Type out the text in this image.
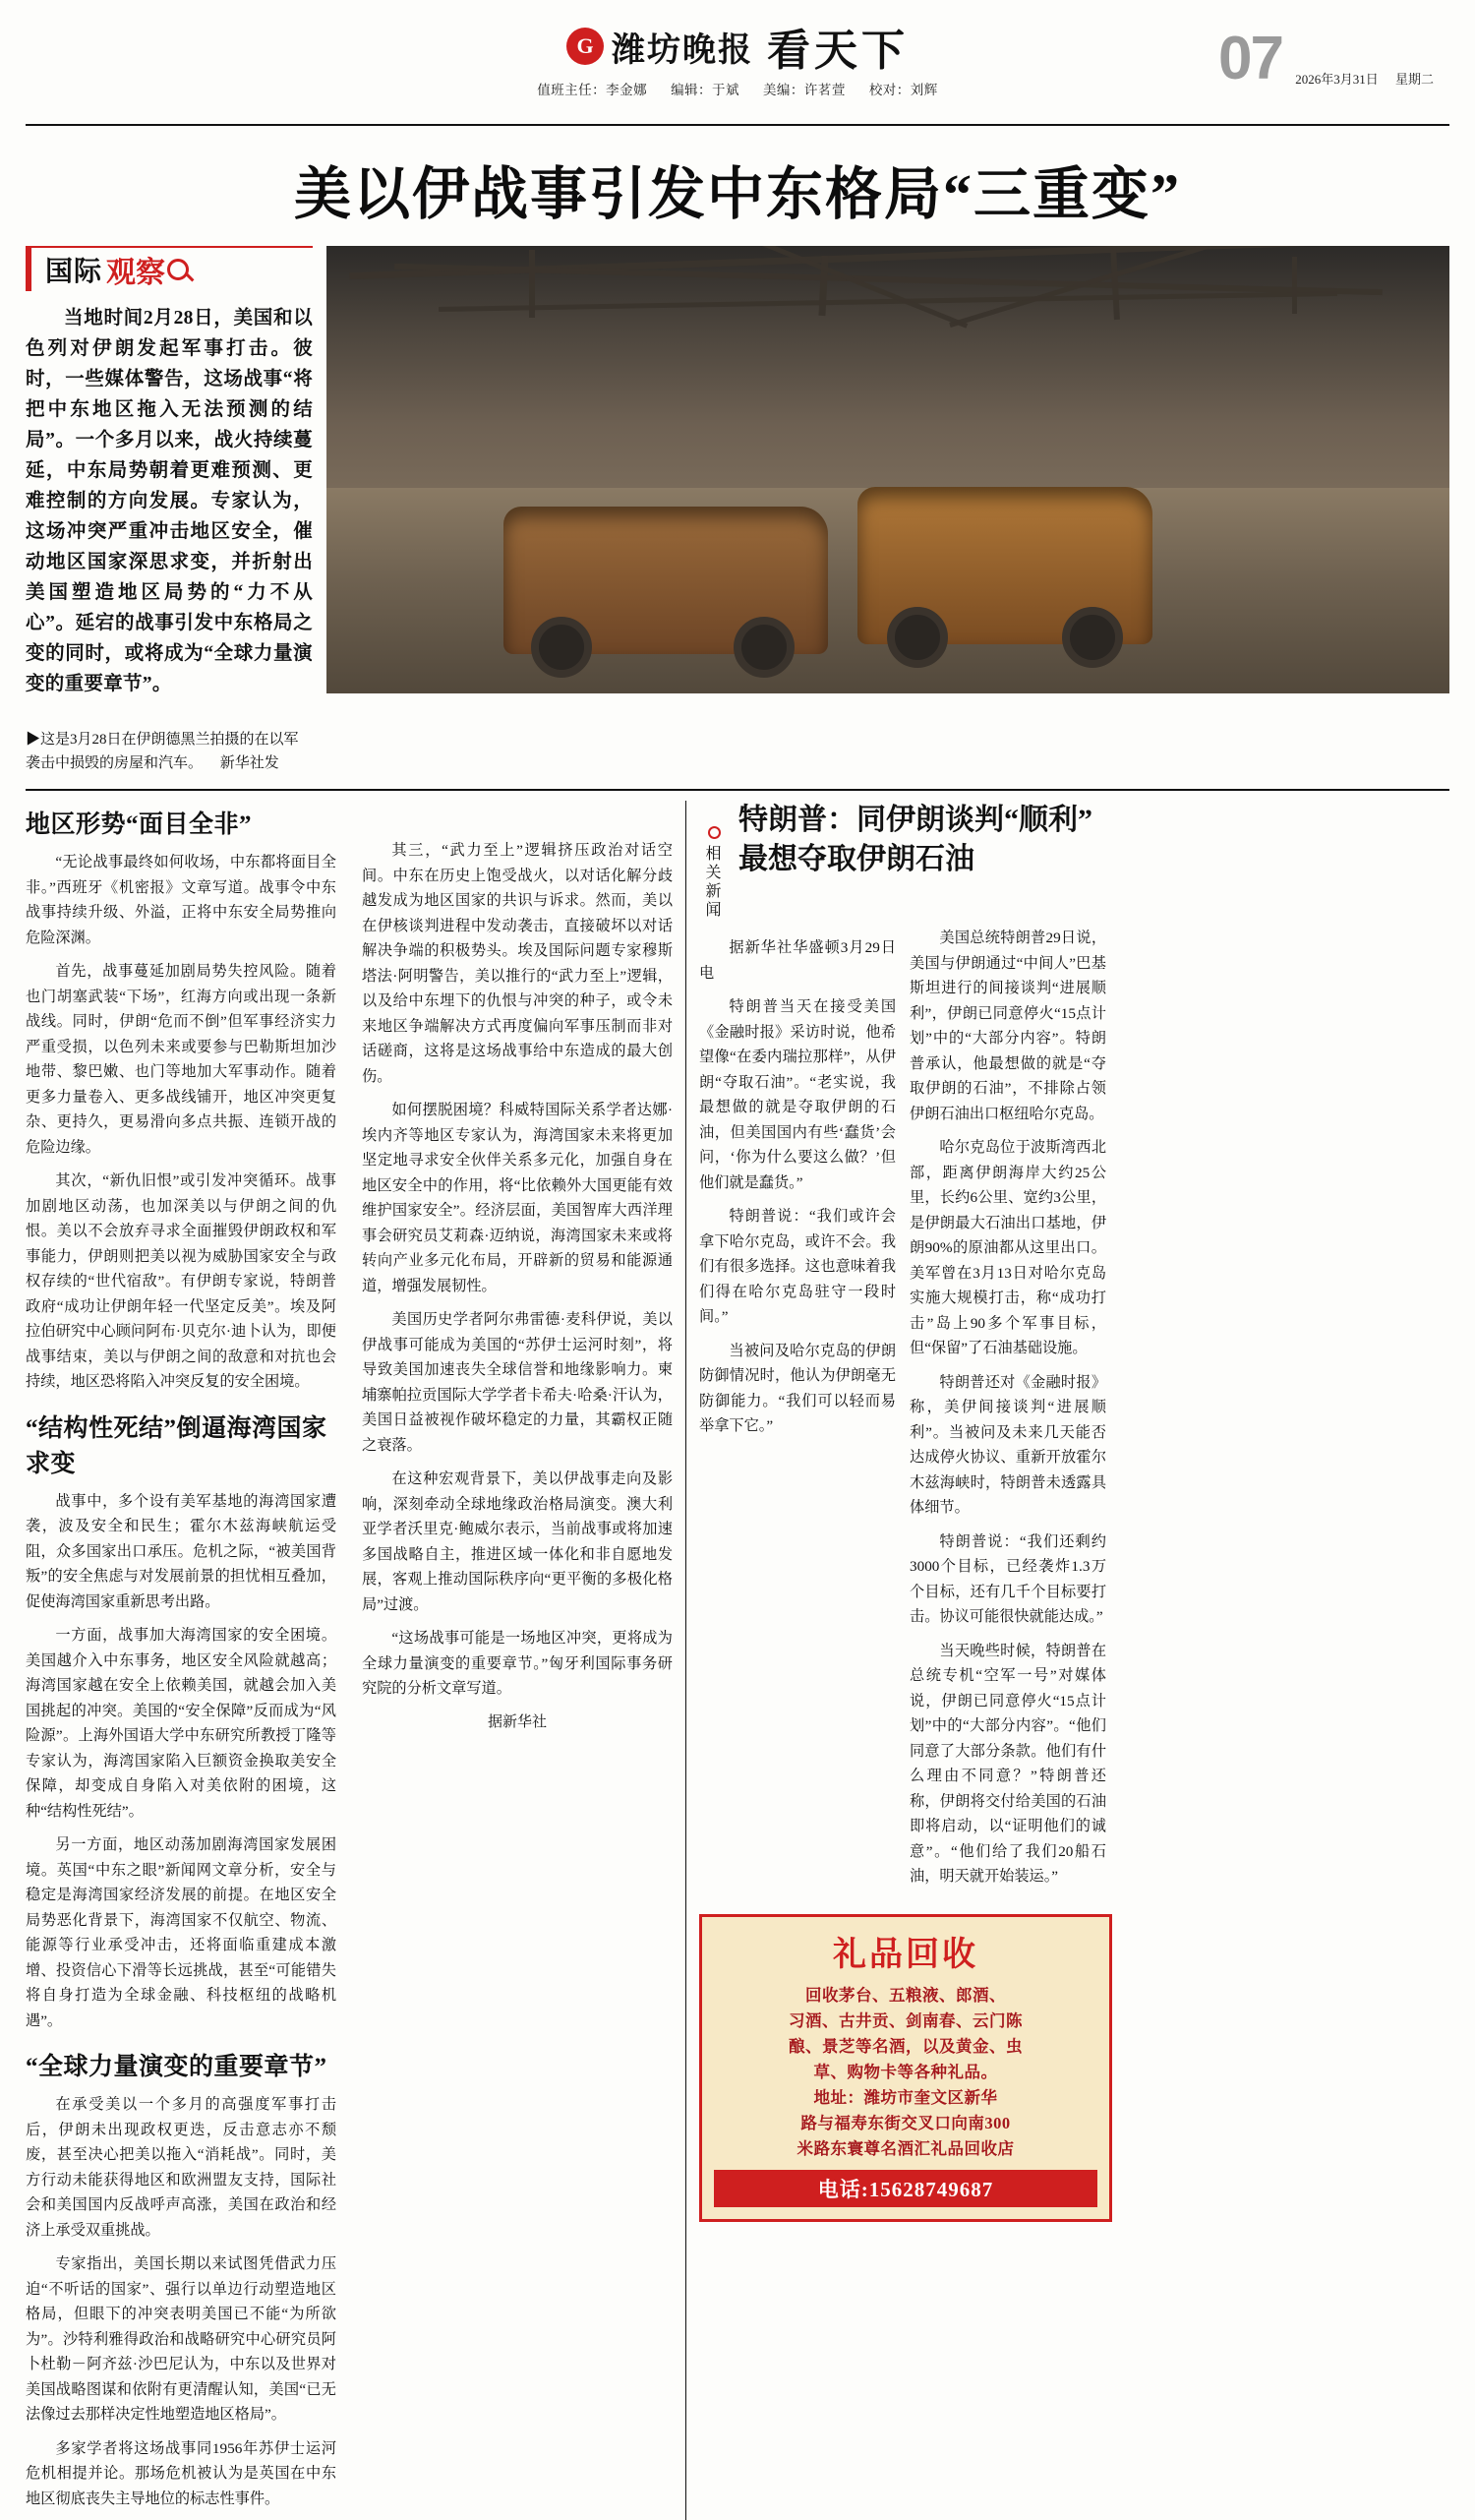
G 潍坊晚报 看天下
值班主任：李金娜 编辑：于斌 美编：许茗萱 校对：刘辉	07	2026年3月31日 星期二
美以伊战事引发中东格局“三重变”
国际 观察

当地时间2月28日，美国和以色列对伊朗发起军事打击。彼时，一些媒体警告，这场战事“将把中东地区拖入无法预测的结局”。一个多月以来，战火持续蔓延，中东局势朝着更难预测、更难控制的方向发展。专家认为，这场冲突严重冲击地区安全，催动地区国家深思求变，并折射出美国塑造地区局势的“力不从心”。延宕的战事引发中东格局之变的同时，或将成为“全球力量演变的重要章节”。

▶这是3月28日在伊朗德黑兰拍摄的在以军袭击中损毁的房屋和汽车。 新华社发
地区形势“面目全非”

“无论战事最终如何收场，中东都将面目全非。”西班牙《机密报》文章写道。战事令中东战事持续升级、外溢，正将中东安全局势推向危险深渊。

首先，战事蔓延加剧局势失控风险。随着也门胡塞武装“下场”，红海方向或出现一条新战线。同时，伊朗“危而不倒”但军事经济实力严重受损，以色列未来或要参与巴勒斯坦加沙地带、黎巴嫩、也门等地加大军事动作。随着更多力量卷入、更多战线铺开，地区冲突更复杂、更持久，更易滑向多点共振、连锁开战的危险边缘。

其次，“新仇旧恨”或引发冲突循环。战事加剧地区动荡，也加深美以与伊朗之间的仇恨。美以不会放弃寻求全面摧毁伊朗政权和军事能力，伊朗则把美以视为威胁国家安全与政权存续的“世代宿敌”。有伊朗专家说，特朗普政府“成功让伊朗年轻一代坚定反美”。埃及阿拉伯研究中心顾问阿布·贝克尔·迪卜认为，即便战事结束，美以与伊朗之间的敌意和对抗也会持续，地区恐将陷入冲突反复的安全困境。

“结构性死结”倒逼海湾国家求变

战事中，多个设有美军基地的海湾国家遭袭，波及安全和民生；霍尔木兹海峡航运受阻，众多国家出口承压。危机之际，“被美国背叛”的安全焦虑与对发展前景的担忧相互叠加，促使海湾国家重新思考出路。

一方面，战事加大海湾国家的安全困境。美国越介入中东事务，地区安全风险就越高；海湾国家越在安全上依赖美国，就越会加入美国挑起的冲突。美国的“安全保障”反而成为“风险源”。上海外国语大学中东研究所教授丁隆等专家认为，海湾国家陷入巨额资金换取美安全保障，却变成自身陷入对美依附的困境，这种“结构性死结”。

另一方面，地区动荡加剧海湾国家发展困境。英国“中东之眼”新闻网文章分析，安全与稳定是海湾国家经济发展的前提。在地区安全局势恶化背景下，海湾国家不仅航空、物流、能源等行业承受冲击，还将面临重建成本激增、投资信心下滑等长远挑战，甚至“可能错失将自身打造为全球金融、科技枢纽的战略机遇”。

“全球力量演变的重要章节”

在承受美以一个多月的高强度军事打击后，伊朗未出现政权更迭，反击意志亦不颓废，甚至决心把美以拖入“消耗战”。同时，美方行动未能获得地区和欧洲盟友支持，国际社会和美国国内反战呼声高涨，美国在政治和经济上承受双重挑战。

专家指出，美国长期以来试图凭借武力压迫“不听话的国家”、强行以单边行动塑造地区格局，但眼下的冲突表明美国已不能“为所欲为”。沙特利雅得政治和战略研究中心研究员阿卜杜勒－阿齐兹·沙巴尼认为，中东以及世界对美国战略图谋和依附有更清醒认知，美国“已无法像过去那样决定性地塑造地区格局”。

多家学者将这场战事同1956年苏伊士运河危机相提并论。那场危机被认为是英国在中东地区彻底丧失主导地位的标志性事件。

其三，“武力至上”逻辑挤压政治对话空间。中东在历史上饱受战火，以对话化解分歧越发成为地区国家的共识与诉求。然而，美以在伊核谈判进程中发动袭击，直接破坏以对话解决争端的积极势头。埃及国际问题专家穆斯塔法·阿明警告，美以推行的“武力至上”逻辑，以及给中东埋下的仇恨与冲突的种子，或令未来地区争端解决方式再度偏向军事压制而非对话磋商，这将是这场战事给中东造成的最大创伤。

如何摆脱困境？科威特国际关系学者达娜·埃内齐等地区专家认为，海湾国家未来将更加坚定地寻求安全伙伴关系多元化，加强自身在地区安全中的作用，将“比依赖外大国更能有效维护国家安全”。经济层面，美国智库大西洋理事会研究员艾莉森·迈纳说，海湾国家未来或将转向产业多元化布局，开辟新的贸易和能源通道，增强发展韧性。

美国历史学者阿尔弗雷德·麦科伊说，美以伊战事可能成为美国的“苏伊士运河时刻”，将导致美国加速丧失全球信誉和地缘影响力。柬埔寨帕拉贡国际大学学者卡希夫·哈桑·汗认为，美国日益被视作破坏稳定的力量，其霸权正随之衰落。

在这种宏观背景下，美以伊战事走向及影响，深刻牵动全球地缘政治格局演变。澳大利亚学者沃里克·鲍威尔表示，当前战事或将加速多国战略自主，推进区域一体化和非自愿地发展，客观上推动国际秩序向“更平衡的多极化格局”过渡。

“这场战事可能是一场地区冲突，更将成为全球力量演变的重要章节。”匈牙利国际事务研究院的分析文章写道。

据新华社
相关新闻
特朗普：同伊朗谈判“顺利”
最想夺取伊朗石油

据新华社华盛顿3月29日电

特朗普当天在接受美国《金融时报》采访时说，他希望像“在委内瑞拉那样”，从伊朗“夺取石油”。“老实说，我最想做的就是夺取伊朗的石油，但美国国内有些‘蠢货’会问，‘你为什么要这么做？’但他们就是蠢货。”

特朗普说：“我们或许会拿下哈尔克岛，或许不会。我们有很多选择。这也意味着我们得在哈尔克岛驻守一段时间。”

当被问及哈尔克岛的伊朗防御情况时，他认为伊朗毫无防御能力。“我们可以轻而易举拿下它。”

美国总统特朗普29日说，美国与伊朗通过“中间人”巴基斯坦进行的间接谈判“进展顺利”，伊朗已同意停火“15点计划”中的“大部分内容”。特朗普承认，他最想做的就是“夺取伊朗的石油”，不排除占领伊朗石油出口枢纽哈尔克岛。

哈尔克岛位于波斯湾西北部，距离伊朗海岸大约25公里，长约6公里、宽约3公里，是伊朗最大石油出口基地，伊朗90%的原油都从这里出口。美军曾在3月13日对哈尔克岛实施大规模打击，称“成功打击”岛上90多个军事目标，但“保留”了石油基础设施。

特朗普还对《金融时报》称，美伊间接谈判“进展顺利”。当被问及未来几天能否达成停火协议、重新开放霍尔木兹海峡时，特朗普未透露具体细节。

特朗普说：“我们还剩约3000个目标，已经袭炸1.3万个目标，还有几千个目标要打击。协议可能很快就能达成。”

当天晚些时候，特朗普在总统专机“空军一号”对媒体说，伊朗已同意停火“15点计划”中的“大部分内容”。“他们同意了大部分条款。他们有什么理由不同意？”特朗普还称，伊朗将交付给美国的石油即将启动，以“证明他们的诚意”。“他们给了我们20船石油，明天就开始装运。”

礼品回收
回收茅台、五粮液、郎酒、
习酒、古井贡、剑南春、云门陈
酿、景芝等名酒，以及黄金、虫
草、购物卡等各种礼品。
地址：潍坊市奎文区新华
路与福寿东街交叉口向南300
米路东寰尊名酒汇礼品回收店
电话:15628749687
